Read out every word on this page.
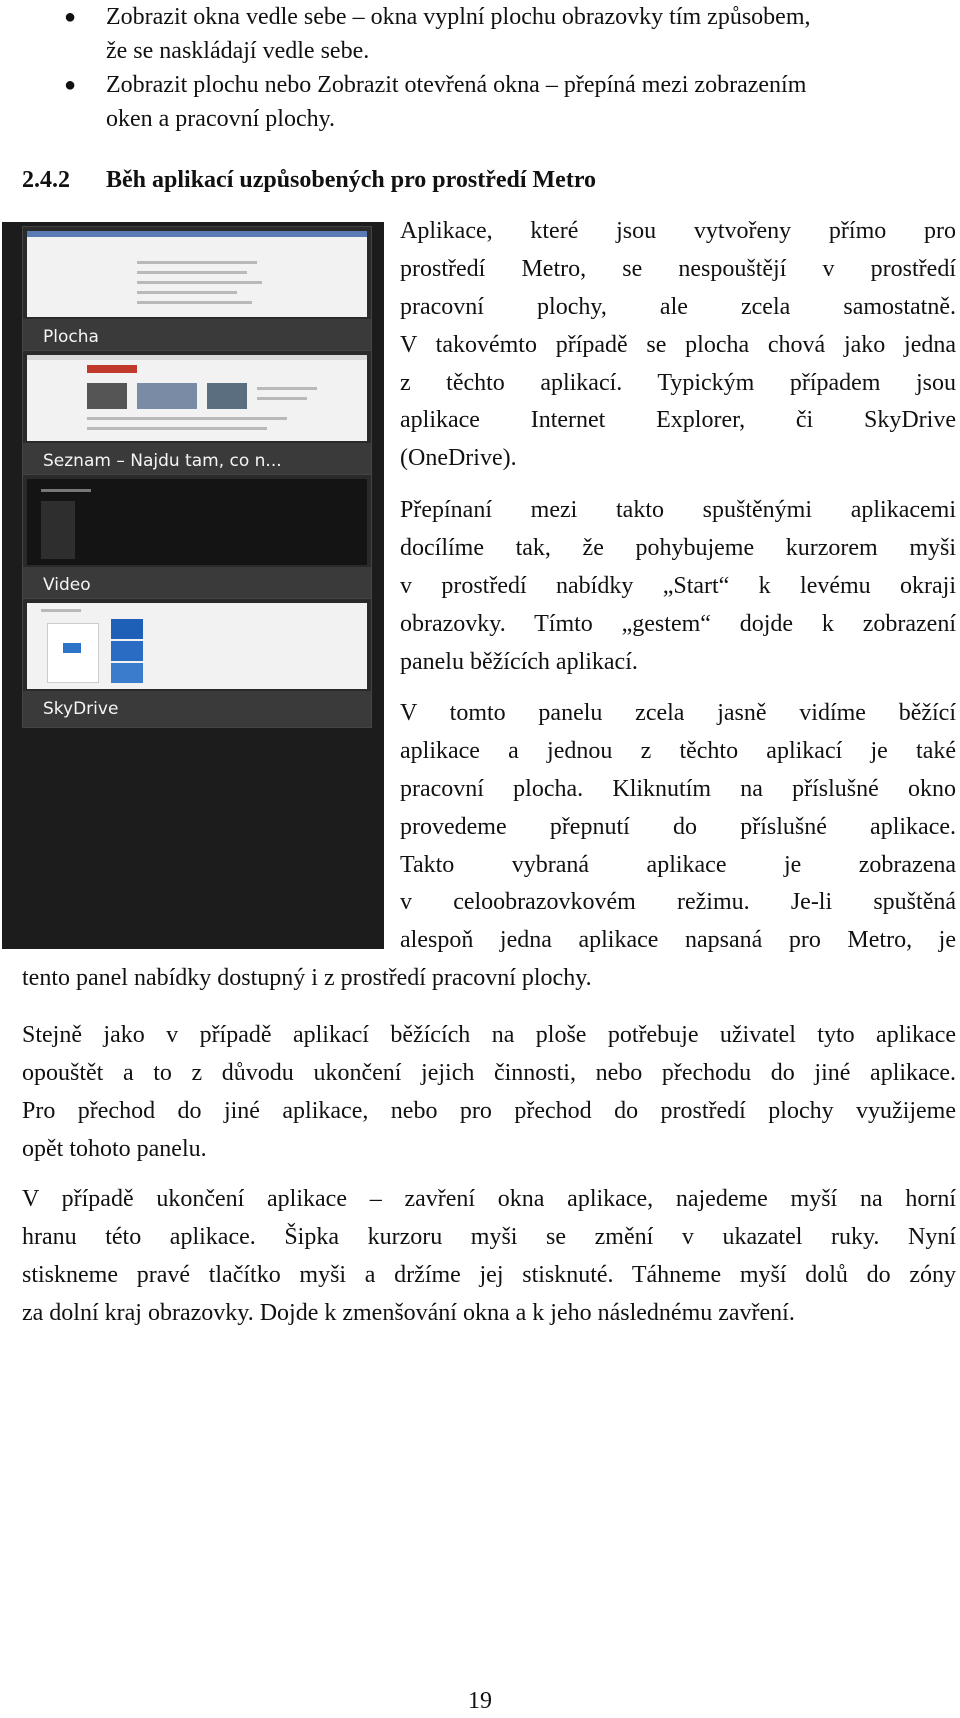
● Zobrazit okna vedle sebe – okna vyplní plochu obrazovky tím způsobem,
že se naskládají vedle sebe.
● Zobrazit plochu nebo Zobrazit otevřená okna – přepíná mezi zobrazením
oken a pracovní plochy.
2.4.2 Běh aplikací uzpůsobených pro prostředí Metro
Plocha
Seznam – Najdu tam, co n...
Video
SkyDrive
Aplikace, které jsou vytvořeny přímo pro
prostředí Metro, se nespouštějí v prostředí
pracovní plochy, ale zcela samostatně.
V takovémto případě se plocha chová jako jedna
z těchto aplikací. Typickým případem jsou
aplikace Internet Explorer, či SkyDrive
(OneDrive).
Přepínaní mezi takto spuštěnými aplikacemi
docílíme tak, že pohybujeme kurzorem myši
v prostředí nabídky „Start“ k levému okraji
obrazovky. Tímto „gestem“ dojde k zobrazení
panelu běžících aplikací.
V tomto panelu zcela jasně vidíme běžící
aplikace a jednou z těchto aplikací je také
pracovní plocha. Kliknutím na příslušné okno
provedeme přepnutí do příslušné aplikace.
Takto vybraná aplikace je zobrazena
v celoobrazovkovém režimu. Je-li spuštěná
alespoň jedna aplikace napsaná pro Metro, je
tento panel nabídky dostupný i z prostředí pracovní plochy.
Stejně jako v případě aplikací běžících na ploše potřebuje uživatel tyto aplikace
opouštět a to z důvodu ukončení jejich činnosti, nebo přechodu do jiné aplikace.
Pro přechod do jiné aplikace, nebo pro přechod do prostředí plochy využijeme
opět tohoto panelu.
V případě ukončení aplikace – zavření okna aplikace, najedeme myší na horní
hranu této aplikace. Šipka kurzoru myši se změní v ukazatel ruky. Nyní
stiskneme pravé tlačítko myši a držíme jej stisknuté. Táhneme myší dolů do zóny
za dolní kraj obrazovky. Dojde k zmenšování okna a k jeho následnému zavření.
19
